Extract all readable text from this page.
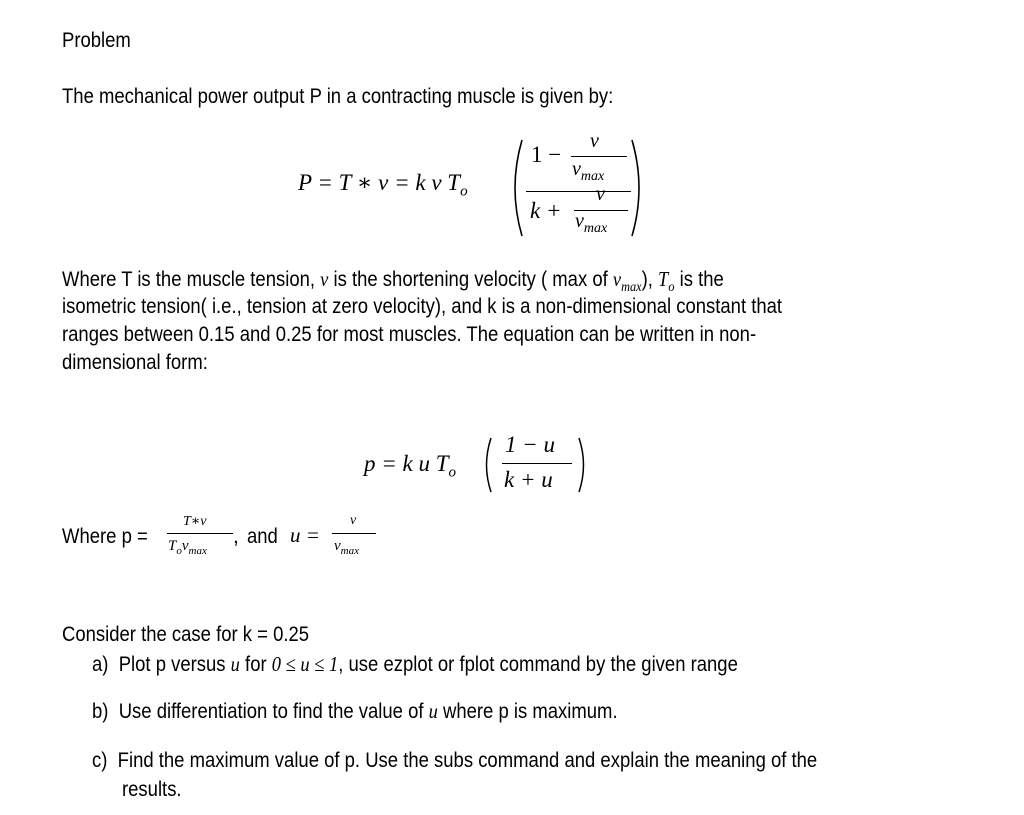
Problem
The mechanical power output P in a contracting muscle is given by:
P = T ∗ v = k v $T_o$
1 −
v
$v_{max}$
k +
v
$v_{max}$
Where T is the muscle tension, v is the shortening velocity ( max of $v_{max}$), $T_o$ is the
isometric tension( i.e., tension at zero velocity), and k is a non-dimensional constant that
ranges between 0.15 and 0.25 for most muscles. The equation can be written in non-
dimensional form:
p = k u $T_o$
1 − u
k + u
Where p =
T∗v
$T_ov_{max}$
, and u =
v
$v_{max}$
Consider the case for k = 0.25
a) Plot p versus u for 0 ≤ u ≤ 1, use ezplot or fplot command by the given range
b) Use differentiation to find the value of u where p is maximum.
c) Find the maximum value of p. Use the subs command and explain the meaning of the
results.
